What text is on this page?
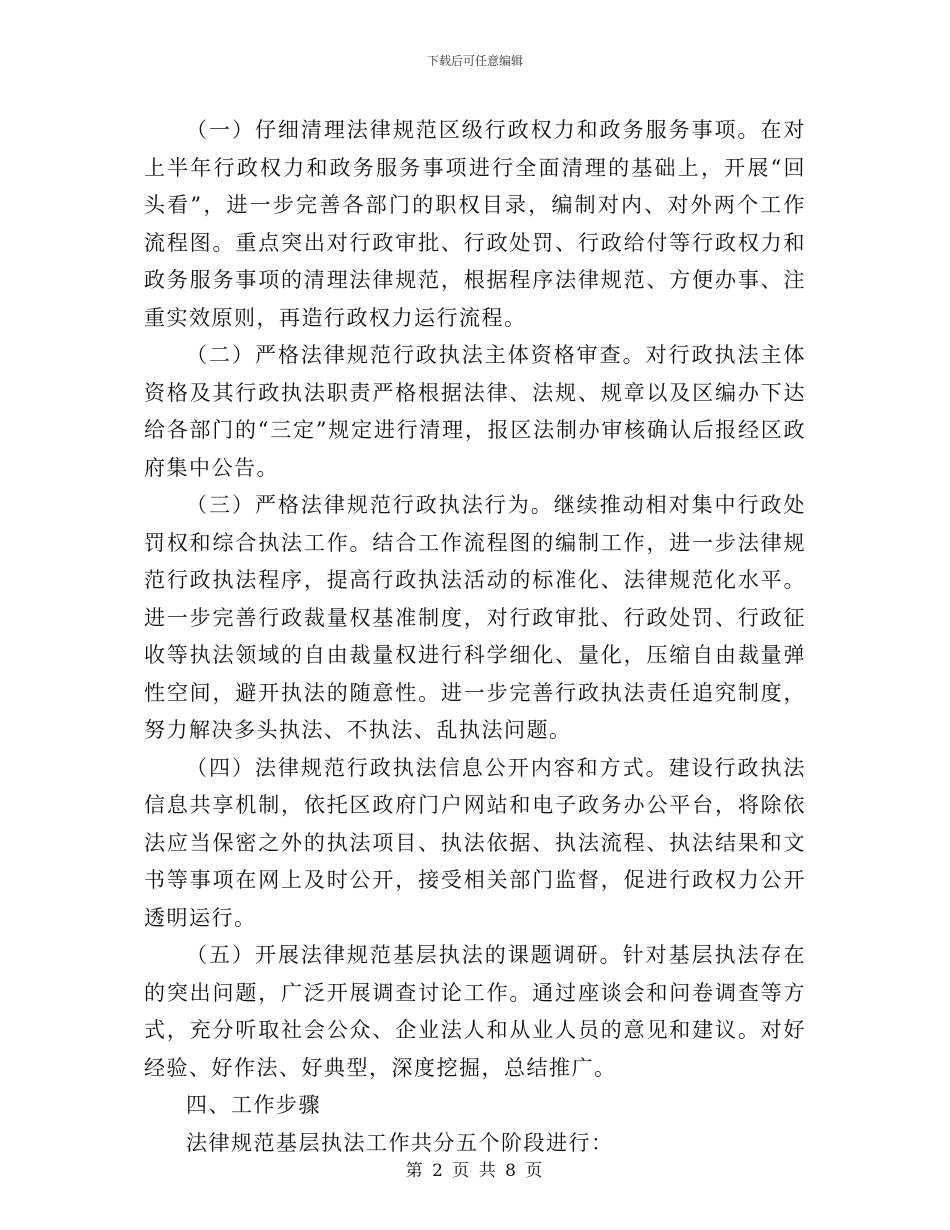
下载后可任意编辑

（一）仔细清理法律规范区级行政权力和政务服务事项。在对上半年行政权力和政务服务事项进行全面清理的基础上，开展“回头看”，进一步完善各部门的职权目录，编制对内、对外两个工作流程图。重点突出对行政审批、行政处罚、行政给付等行政权力和政务服务事项的清理法律规范，根据程序法律规范、方便办事、注重实效原则，再造行政权力运行流程。

（二）严格法律规范行政执法主体资格审查。对行政执法主体资格及其行政执法职责严格根据法律、法规、规章以及区编办下达给各部门的“三定”规定进行清理，报区法制办审核确认后报经区政府集中公告。

（三）严格法律规范行政执法行为。继续推动相对集中行政处罚权和综合执法工作。结合工作流程图的编制工作，进一步法律规范行政执法程序，提高行政执法活动的标准化、法律规范化水平。进一步完善行政裁量权基准制度，对行政审批、行政处罚、行政征收等执法领域的自由裁量权进行科学细化、量化，压缩自由裁量弹性空间，避开执法的随意性。进一步完善行政执法责任追究制度，努力解决多头执法、不执法、乱执法问题。

（四）法律规范行政执法信息公开内容和方式。建设行政执法信息共享机制，依托区政府门户网站和电子政务办公平台，将除依法应当保密之外的执法项目、执法依据、执法流程、执法结果和文书等事项在网上及时公开，接受相关部门监督，促进行政权力公开透明运行。

（五）开展法律规范基层执法的课题调研。针对基层执法存在的突出问题，广泛开展调查讨论工作。通过座谈会和问卷调查等方式，充分听取社会公众、企业法人和从业人员的意见和建议。对好经验、好作法、好典型，深度挖掘，总结推广。

四、工作步骤

法律规范基层执法工作共分五个阶段进行：

第 2 页 共 8 页
